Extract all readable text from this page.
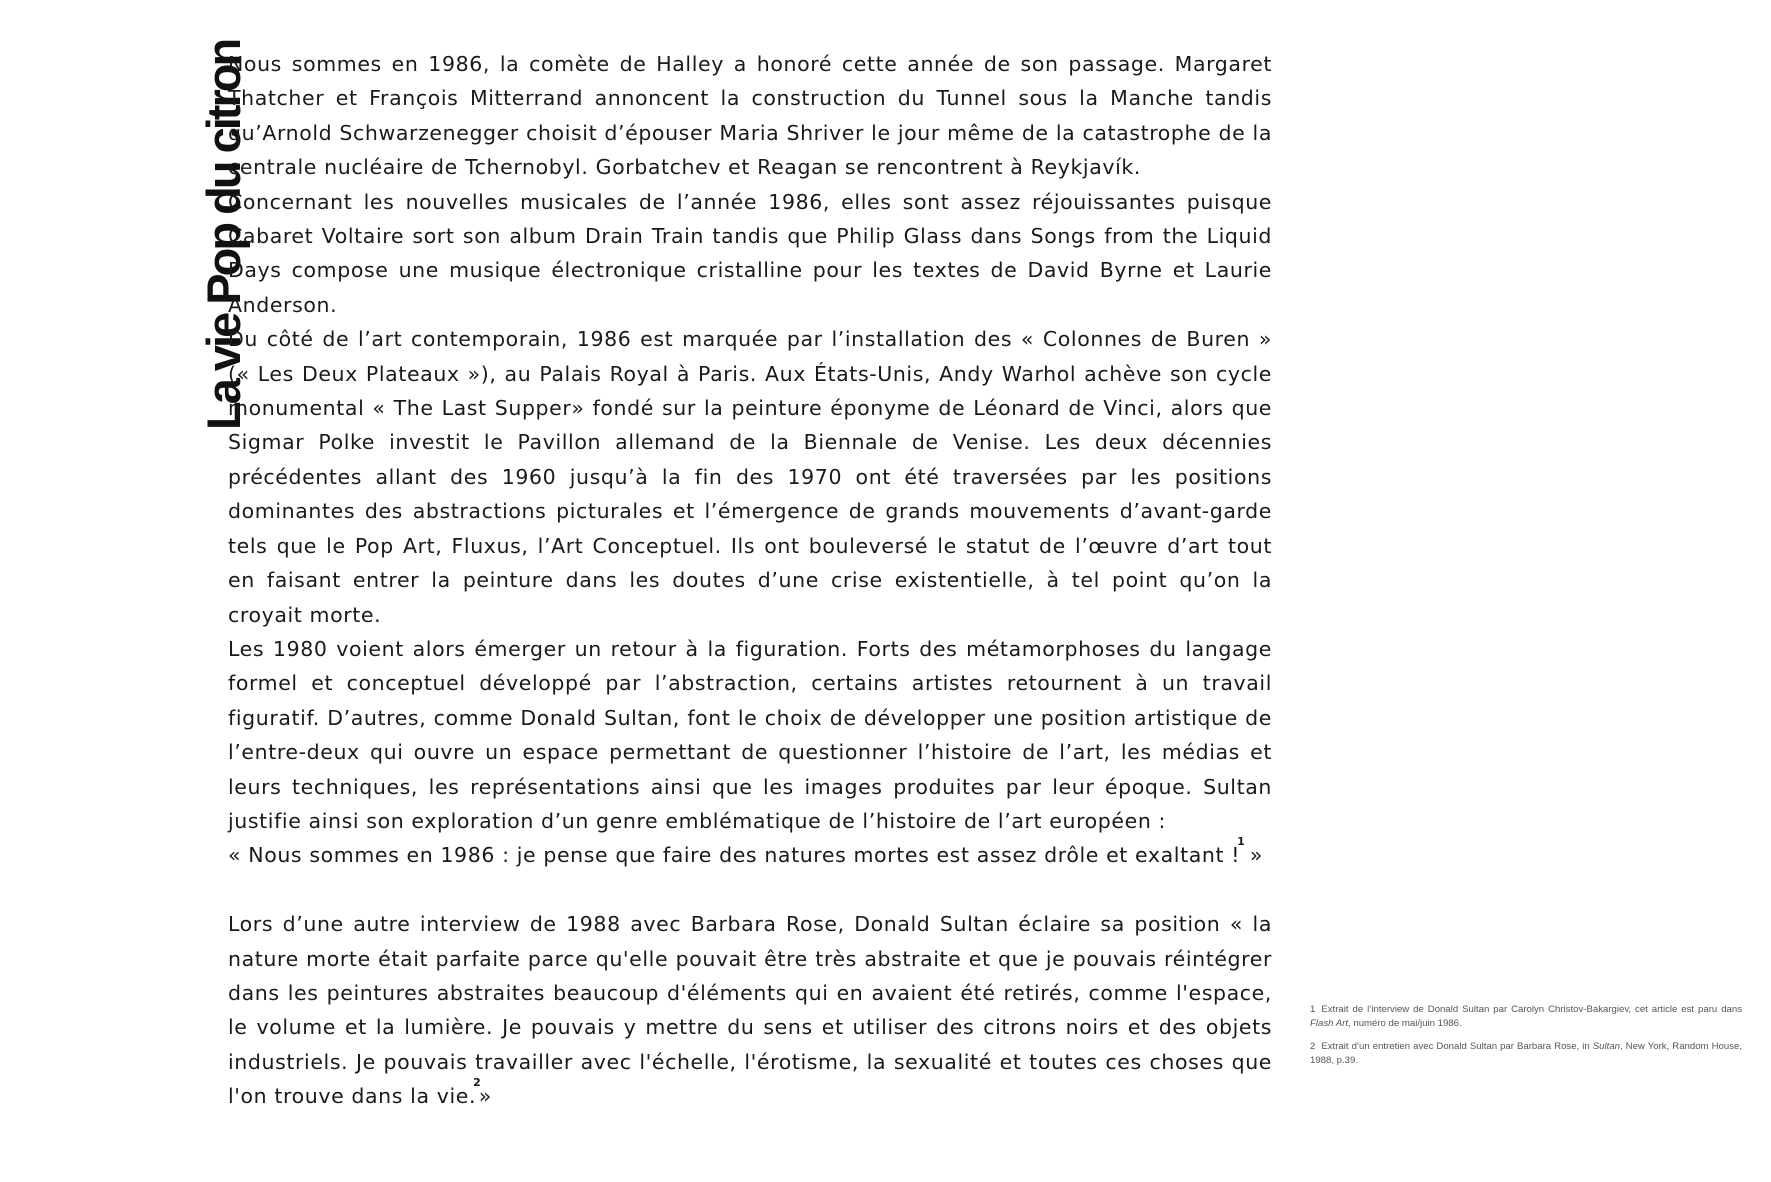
La vie Pop du citron

Nous sommes en 1986, la comète de Halley a honoré cette année de son passage. Margaret Thatcher et François Mitterrand annoncent la construction du Tunnel sous la Manche tandis qu’Arnold Schwarzenegger choisit d’épouser Maria Shriver le jour même de la catastrophe de la centrale nucléaire de Tchernobyl. Gorbatchev et Reagan se rencontrent à Reykjavík.

Concernant les nouvelles musicales de l’année 1986, elles sont assez réjouissantes puisque Cabaret Voltaire sort son album Drain Train tandis que Philip Glass dans Songs from the Liquid Days compose une musique électronique cristalline pour les textes de David Byrne et Laurie Anderson.

Du côté de l’art contemporain, 1986 est marquée par l’installation des « Colonnes de Buren » (« Les Deux Plateaux »), au Palais Royal à Paris. Aux États-Unis, Andy Warhol achève son cycle monumental « The Last Supper» fondé sur la peinture éponyme de Léonard de Vinci, alors que Sigmar Polke investit le Pavillon allemand de la Biennale de Venise. Les deux décennies précédentes allant des 1960 jusqu’à la fin des 1970 ont été traversées par les positions dominantes des abstractions picturales et l’émergence de grands mouvements d’avant-garde tels que le Pop Art, Fluxus, l’Art Conceptuel. Ils ont bouleversé le statut de l’œuvre d’art tout en faisant entrer la peinture dans les doutes d’une crise existentielle, à tel point qu’on la croyait morte.

Les 1980 voient alors émerger un retour à la figuration. Forts des métamorphoses du langage formel et conceptuel développé par l’abstraction, certains artistes retournent à un travail figuratif. D’autres, comme Donald Sultan, font le choix de développer une position artistique de l’entre-deux qui ouvre un espace permettant de questionner l’histoire de l’art, les médias et leurs techniques, les représentations ainsi que les images produites par leur époque. Sultan justifie ainsi son exploration d’un genre emblématique de l’histoire de l’art européen :

« Nous sommes en 1986 : je pense que faire des natures mortes est assez drôle et exaltant !$^1$ »

Lors d’une autre interview de 1988 avec Barbara Rose, Donald Sultan éclaire sa position « la nature morte était parfaite parce qu'elle pouvait être très abstraite et que je pouvais réintégrer dans les peintures abstraites beaucoup d'éléments qui en avaient été retirés, comme l'espace, le volume et la lumière. Je pouvais y mettre du sens et utiliser des citrons noirs et des objets industriels. Je pouvais travailler avec l'échelle, l'érotisme, la sexualité et toutes ces choses que l'on trouve dans la vie.$^2$»

1 Extrait de l’interview de Donald Sultan par Carolyn Christov-Bakargiev, cet article est paru dans Flash Art, numéro de mai/juin 1986.

2 Extrait d’un entretien avec Donald Sultan par Barbara Rose, in Sultan, New York, Random House, 1988, p.39.
